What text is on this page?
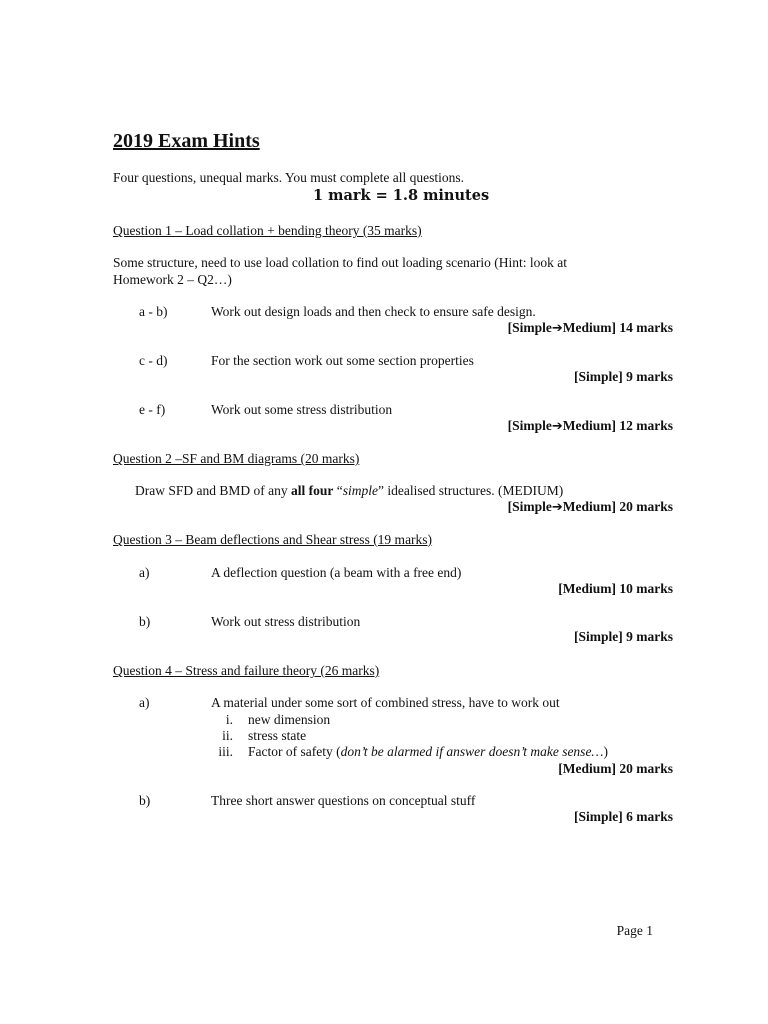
2019 Exam Hints
Four questions, unequal marks. You must complete all questions.
1 mark = 1.8 minutes
Question 1 – Load collation + bending theory (35 marks)
Some structure, need to use load collation to find out loading scenario (Hint: look at
Homework 2 – Q2…)
a - b)	Work out design loads and then check to ensure safe design.
[Simple➔Medium] 14 marks
c - d)	For the section work out some section properties
[Simple] 9 marks
e - f)	Work out some stress distribution
[Simple➔Medium] 12 marks
Question 2 –SF and BM diagrams (20 marks)
Draw SFD and BMD of any all four “simple” idealised structures. (MEDIUM)
[Simple➔Medium] 20 marks
Question 3 – Beam deflections and Shear stress (19 marks)
a)	A deflection question (a beam with a free end)
[Medium] 10 marks
b)	Work out stress distribution
[Simple] 9 marks
Question 4 – Stress and failure theory (26 marks)
a)	A material under some sort of combined stress, have to work out
i. new dimension
ii. stress state
iii. Factor of safety (don’t be alarmed if answer doesn’t make sense…)
[Medium] 20 marks
b)	Three short answer questions on conceptual stuff
[Simple] 6 marks
Page 1
